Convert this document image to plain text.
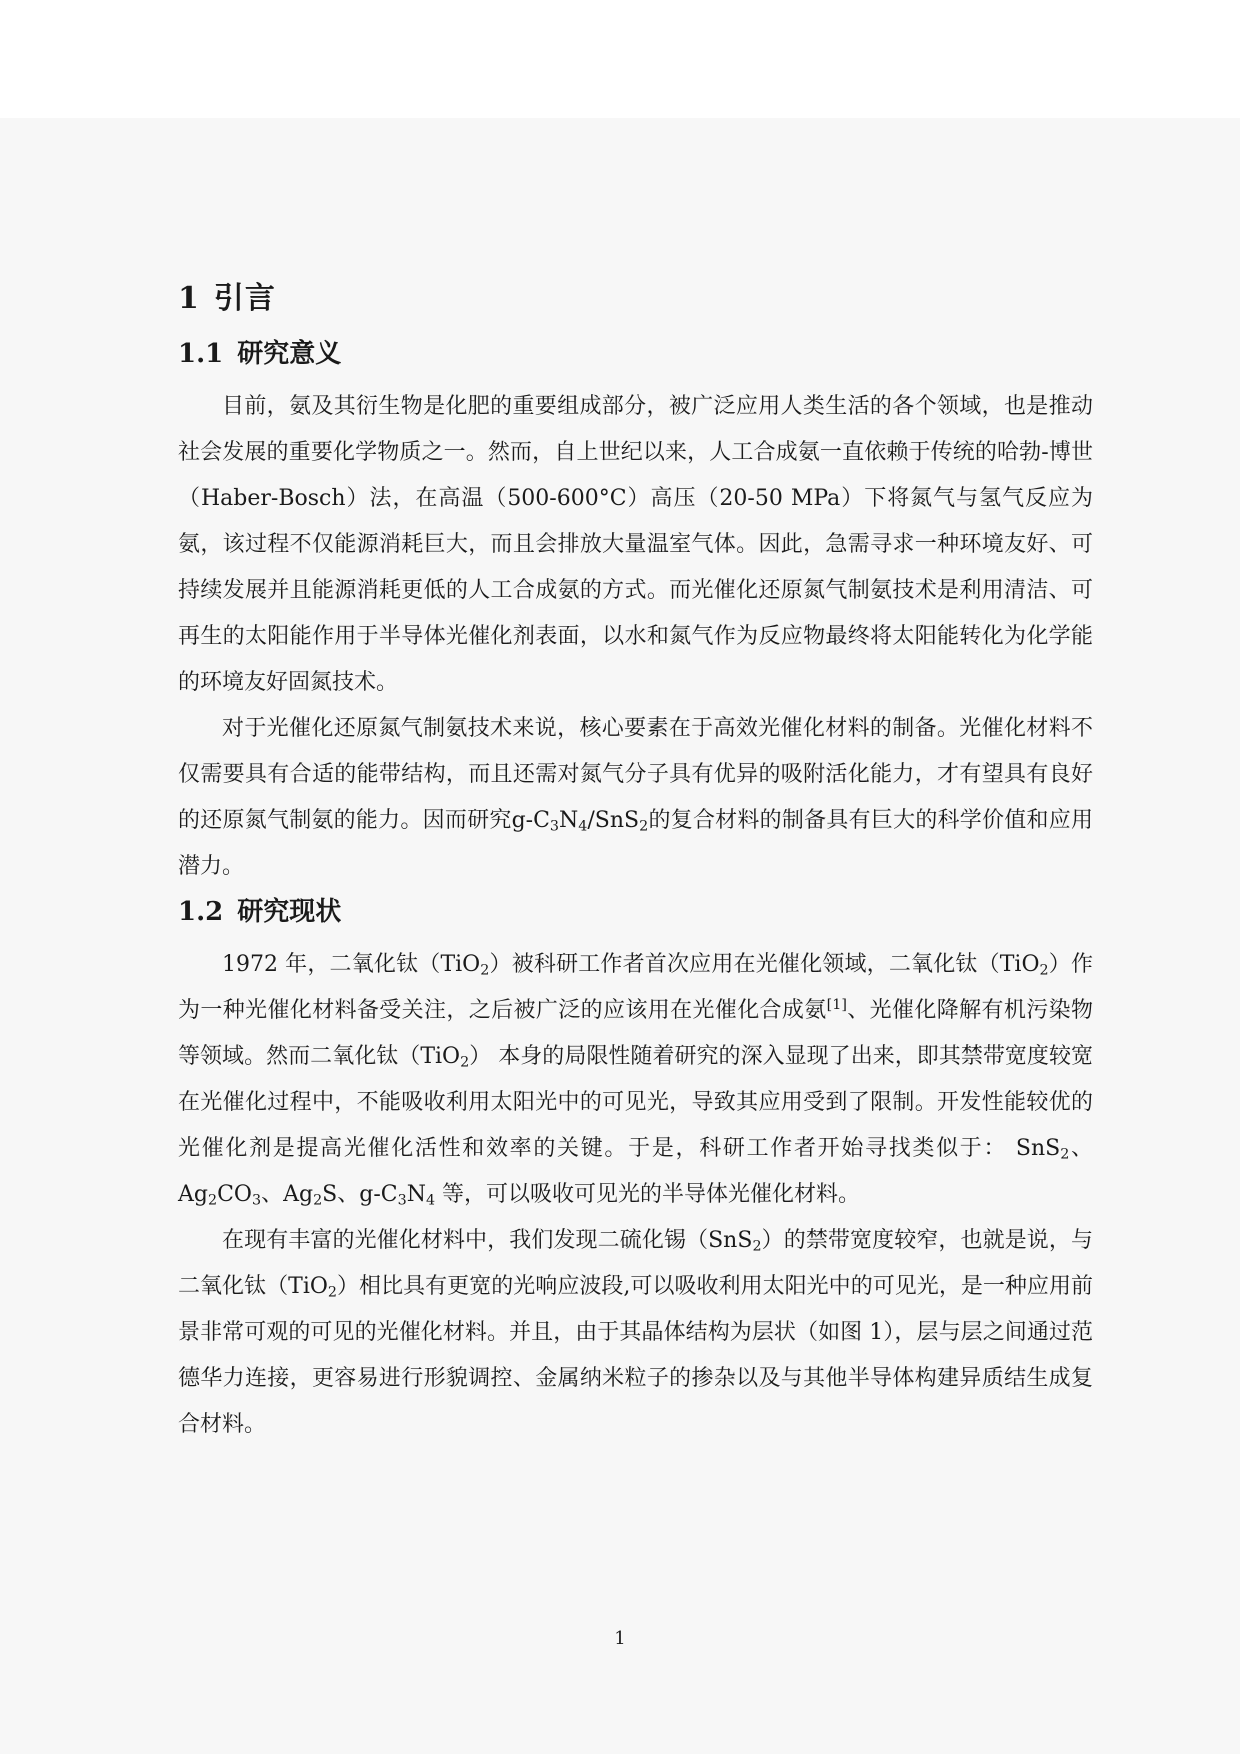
1 引言
1.1 研究意义

目前，氨及其衍生物是化肥的重要组成部分，被广泛应用人类生活的各个领域，也是推动社会发展的重要化学物质之一。然而，自上世纪以来，人工合成氨一直依赖于传统的哈勃-博世（Haber-Bosch）法，在高温（500-600°C）高压（20-50 MPa）下将氮气与氢气反应为氨，该过程不仅能源消耗巨大，而且会排放大量温室气体。因此，急需寻求一种环境友好、可持续发展并且能源消耗更低的人工合成氨的方式。而光催化还原氮气制氨技术是利用清洁、可再生的太阳能作用于半导体光催化剂表面，以水和氮气作为反应物最终将太阳能转化为化学能的环境友好固氮技术。

对于光催化还原氮气制氨技术来说，核心要素在于高效光催化材料的制备。光催化材料不仅需要具有合适的能带结构，而且还需对氮气分子具有优异的吸附活化能力，才有望具有良好的还原氮气制氨的能力。因而研究$g-C_3N_4/SnS_2$的复合材料的制备具有巨大的科学价值和应用潜力。

1.2 研究现状

1972 年，二氧化钛（TiO$_2$）被科研工作者首次应用在光催化领域，二氧化钛（TiO$_2$）作为一种光催化材料备受关注，之后被广泛的应该用在光催化合成氨[1]、光催化降解有机污染物等领域。然而二氧化钛（TiO$_2$） 本身的局限性随着研究的深入显现了出来，即其禁带宽度较宽在光催化过程中，不能吸收利用太阳光中的可见光，导致其应用受到了限制。开发性能较优的光催化剂是提高光催化活性和效率的关键。于是，科研工作者开始寻找类似于： SnS$_2$、$Ag_2CO_3$、$Ag_2S$、$g-C_3N_4$ 等，可以吸收可见光的半导体光催化材料。

在现有丰富的光催化材料中，我们发现二硫化锡（SnS$_2$）的禁带宽度较窄，也就是说，与二氧化钛（TiO$_2$）相比具有更宽的光响应波段,可以吸收利用太阳光中的可见光，是一种应用前景非常可观的可见的光催化材料。并且，由于其晶体结构为层状（如图 1），层与层之间通过范德华力连接，更容易进行形貌调控、金属纳米粒子的掺杂以及与其他半导体构建异质结生成复合材料。

1
